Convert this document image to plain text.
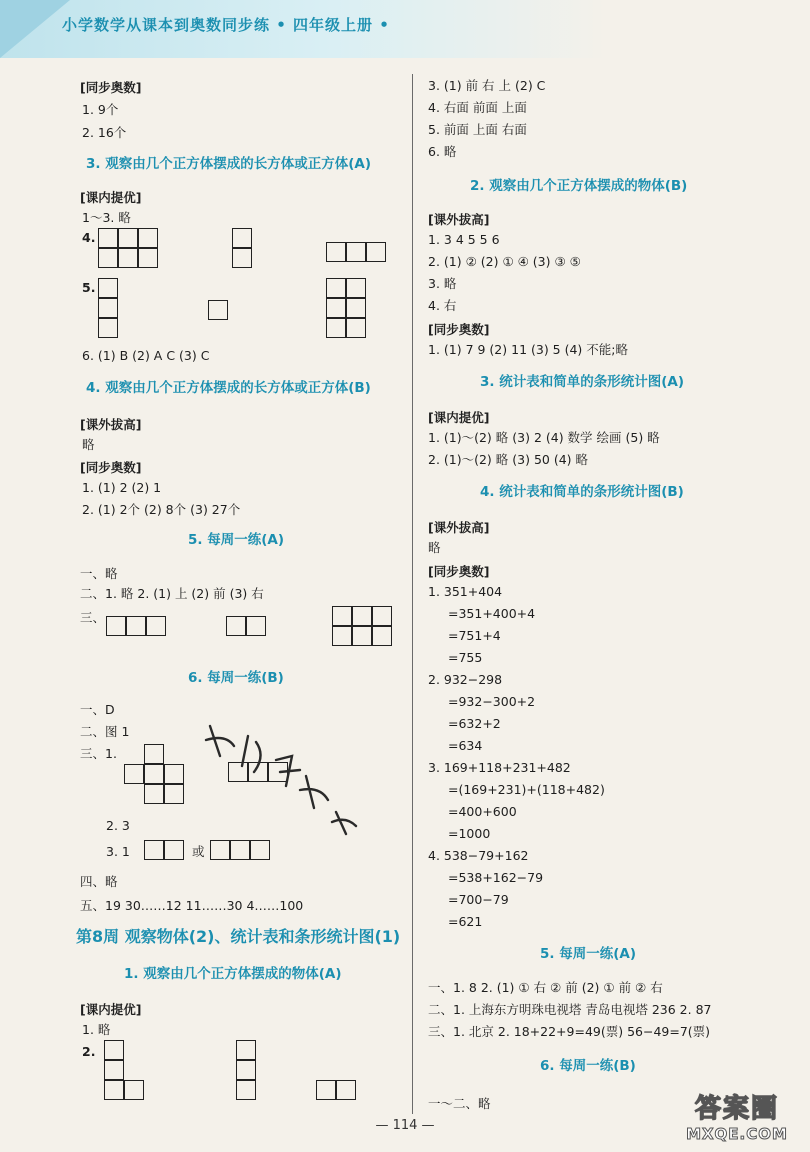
小学数学从课本到奥数同步练 • 四年级上册 •
[同步奥数]
1. 9个
2. 16个
3. 观察由几个正方体摆成的长方体或正方体(A)
[课内提优]
1～3. 略
4.
5.
6. (1) B (2) A C (3) C
4. 观察由几个正方体摆成的长方体或正方体(B)
[课外拔高]
略
[同步奥数]
1. (1) 2 (2) 1
2. (1) 2个 (2) 8个 (3) 27个
5. 每周一练(A)
一、略
二、1. 略 2. (1) 上 (2) 前 (3) 右
三、
6. 每周一练(B)
一、D
二、图 1
三、1.
2. 3
3. 1	或
四、略
五、19 30……12 11……30 4……100
第8周 观察物体(2)、统计表和条形统计图(1)
1. 观察由几个正方体摆成的物体(A)
[课内提优]
1. 略
2.
3. (1) 前 右 上 (2) C
4. 右面 前面 上面
5. 前面 上面 右面
6. 略
2. 观察由几个正方体摆成的物体(B)
[课外拔高]
1. 3 4 5 5 6
2. (1) ② (2) ① ④ (3) ③ ⑤
3. 略
4. 右
[同步奥数]
1. (1) 7 9 (2) 11 (3) 5 (4) 不能;略
3. 统计表和简单的条形统计图(A)
[课内提优]
1. (1)～(2) 略 (3) 2 (4) 数学 绘画 (5) 略
2. (1)～(2) 略 (3) 50 (4) 略
4. 统计表和简单的条形统计图(B)
[课外拔高]
略
[同步奥数]
1. 351+404
=351+400+4
=751+4
=755
2. 932−298
=932−300+2
=632+2
=634
3. 169+118+231+482
=(169+231)+(118+482)
=400+600
=1000
4. 538−79+162
=538+162−79
=700−79
=621
5. 每周一练(A)
一、1. 8 2. (1) ① 右 ② 前 (2) ① 前 ② 右
二、1. 上海东方明珠电视塔 青岛电视塔 236 2. 87
三、1. 北京 2. 18+22+9=49(票) 56−49=7(票)
6. 每周一练(B)
一～二、略
— 114 —
答案圈
MXQE.COM
